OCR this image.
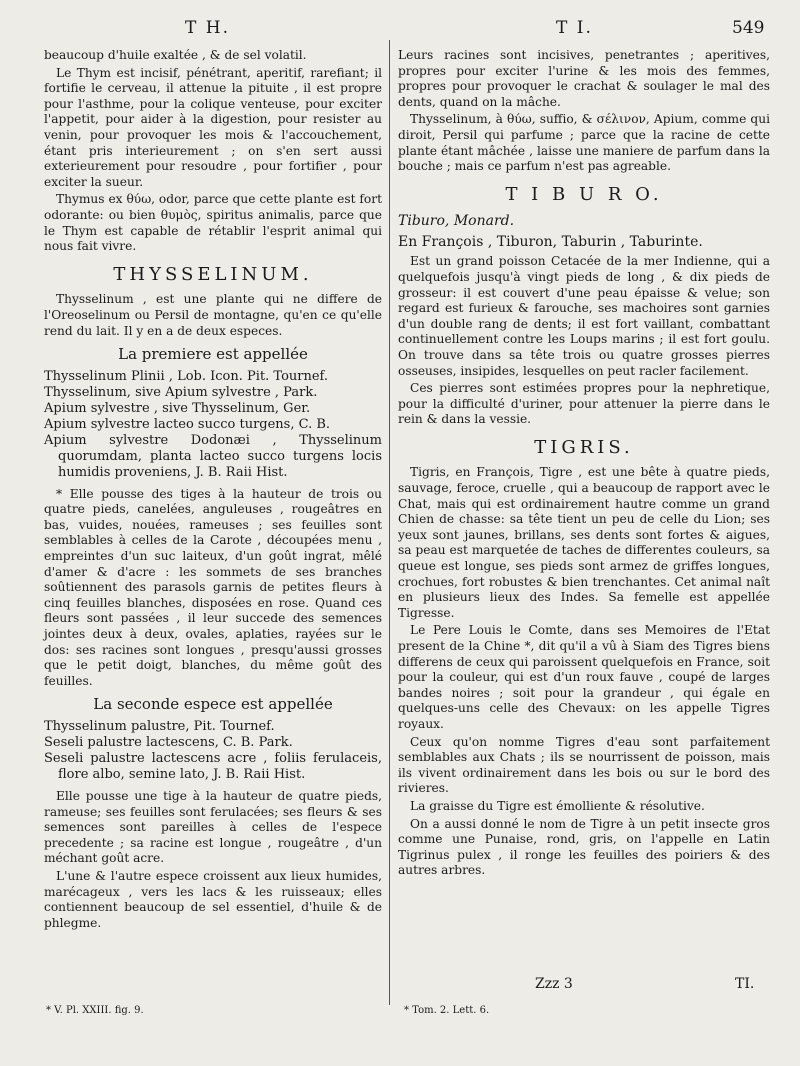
T H.	T I.	549

beaucoup d'huile exaltée , & de sel volatil.

Le Thym est incisif, pénétrant, aperitif, rarefiant; il fortifie le cerveau, il attenue la pituite , il est propre pour l'asthme, pour la colique venteuse, pour exciter l'appetit, pour aider à la digestion, pour resister au venin, pour provoquer les mois & l'accouchement, étant pris interieurement ; on s'en sert aussi exterieurement pour resoudre , pour fortifier , pour exciter la sueur.

Thymus ex θύω, odor, parce que cette plante est fort odorante: ou bien θυμὸς, spiritus animalis, parce que le Thym est capable de rétablir l'esprit animal qui nous fait vivre.

THYSSELINUM.

Thysselinum , est une plante qui ne differe de l'Oreoselinum ou Persil de montagne, qu'en ce qu'elle rend du lait. Il y en a de deux especes.

La premiere est appellée
Thysselinum Plinii , Lob. Icon. Pit. Tournef.
Thysselinum, sive Apium sylvestre , Park.
Apium sylvestre , sive Thysselinum, Ger.
Apium sylvestre lacteo succo turgens, C. B.
Apium sylvestre Dodonæi , Thysselinum quorumdam, planta lacteo succo turgens locis humidis proveniens, J. B. Raii Hist.

* Elle pousse des tiges à la hauteur de trois ou quatre pieds, canelées, anguleuses , rougeâtres en bas, vuides, nouées, rameuses ; ses feuilles sont semblables à celles de la Carote , découpées menu , empreintes d'un suc laiteux, d'un goût ingrat, mêlé d'amer & d'acre : les sommets de ses branches soûtiennent des parasols garnis de petites fleurs à cinq feuilles blanches, disposées en rose. Quand ces fleurs sont passées , il leur succede des semences jointes deux à deux, ovales, aplaties, rayées sur le dos: ses racines sont longues , presqu'aussi grosses que le petit doigt, blanches, du même goût des feuilles.

La seconde espece est appellée
Thysselinum palustre, Pit. Tournef.
Seseli palustre lactescens, C. B. Park.
Seseli palustre lactescens acre , foliis ferulaceis, flore albo, semine lato, J. B. Raii Hist.

Elle pousse une tige à la hauteur de quatre pieds, rameuse; ses feuilles sont ferulacées; ses fleurs & ses semences sont pareilles à celles de l'espece precedente ; sa racine est longue , rougeâtre , d'un méchant goût acre.

L'une & l'autre espece croissent aux lieux humides, marécageux , vers les lacs & les ruisseaux; elles contiennent beaucoup de sel essentiel, d'huile & de phlegme.

Leurs racines sont incisives, penetrantes ; aperitives, propres pour exciter l'urine & les mois des femmes, propres pour provoquer le crachat & soulager le mal des dents, quand on la mâche.

Thysselinum, à θύω, suffio, & σέλινον, Apium, comme qui diroit, Persil qui parfume ; parce que la racine de cette plante étant mâchée , laisse une maniere de parfum dans la bouche ; mais ce parfum n'est pas agreable.

T I B U R O.
Tiburo, Monard.
En François , Tiburon, Taburin , Taburinte.

Est un grand poisson Cetacée de la mer Indienne, qui a quelquefois jusqu'à vingt pieds de long , & dix pieds de grosseur: il est couvert d'une peau épaisse & velue; son regard est furieux & farouche, ses machoires sont garnies d'un double rang de dents; il est fort vaillant, combattant continuellement contre les Loups marins ; il est fort goulu. On trouve dans sa tête trois ou quatre grosses pierres osseuses, insipides, lesquelles on peut racler facilement.

Ces pierres sont estimées propres pour la nephretique, pour la difficulté d'uriner, pour attenuer la pierre dans le rein & dans la vessie.

TIGRIS.

Tigris, en François, Tigre , est une bête à quatre pieds, sauvage, feroce, cruelle , qui a beaucoup de rapport avec le Chat, mais qui est ordinairement hautre comme un grand Chien de chasse: sa tête tient un peu de celle du Lion; ses yeux sont jaunes, brillans, ses dents sont fortes & aigues, sa peau est marquetée de taches de differentes couleurs, sa queue est longue, ses pieds sont armez de griffes longues, crochues, fort robustes & bien trenchantes. Cet animal naît en plusieurs lieux des Indes. Sa femelle est appellée Tigresse.

Le Pere Louis le Comte, dans ses Memoires de l'Etat present de la Chine *, dit qu'il a vû à Siam des Tigres biens differens de ceux qui paroissent quelquefois en France, soit pour la couleur, qui est d'un roux fauve , coupé de larges bandes noires ; soit pour la grandeur , qui égale en quelques-uns celle des Chevaux: on les appelle Tigres royaux.

Ceux qu'on nomme Tigres d'eau sont parfaitement semblables aux Chats ; ils se nourrissent de poisson, mais ils vivent ordinairement dans les bois ou sur le bord des rivieres.

La graisse du Tigre est émolliente & résolutive.

On a aussi donné le nom de Tigre à un petit insecte gros comme une Punaise, rond, gris, on l'appelle en Latin Tigrinus pulex , il ronge les feuilles des poiriers & des autres arbres.

Zzz 3	TI.
* V. Pl. XXIII. fig. 9.	* Tom. 2. Lett. 6.
